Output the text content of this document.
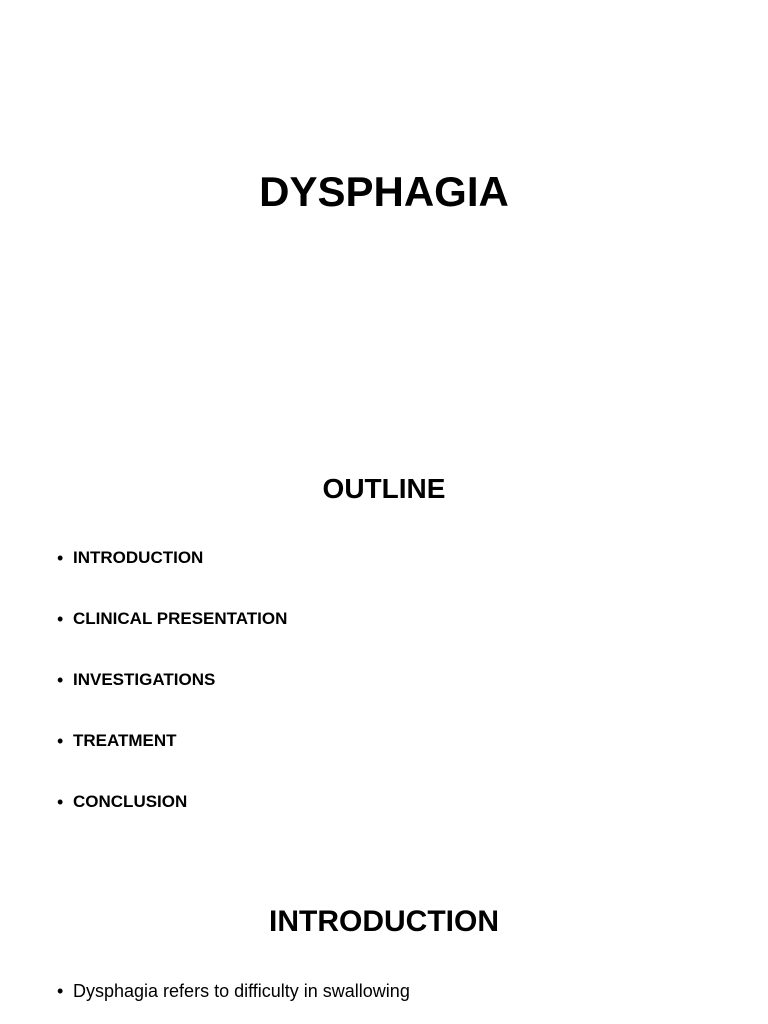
DYSPHAGIA
OUTLINE
• INTRODUCTION
• CLINICAL PRESENTATION
• INVESTIGATIONS
• TREATMENT
• CONCLUSION
INTRODUCTION
• Dysphagia refers to difficulty in swallowing
